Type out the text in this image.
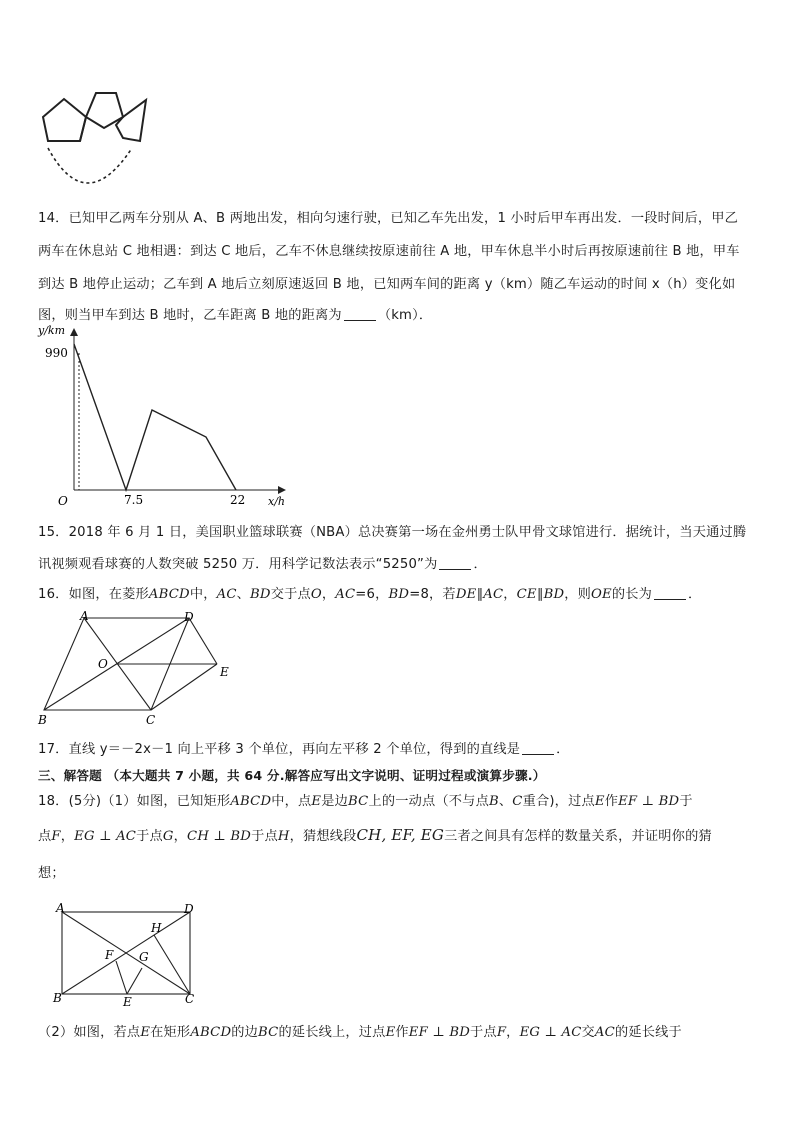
14．已知甲乙两车分别从 A、B 两地出发，相向匀速行驶，已知乙车先出发，1 小时后甲车再出发．一段时间后，甲乙
两车在休息站 C 地相遇：到达 C 地后，乙车不休息继续按原速前往 A 地，甲车休息半小时后再按原速前往 B 地，甲车
到达 B 地停止运动；乙车到 A 地后立刻原速返回 B 地，已知两车间的距离 y（km）随乙车运动的时间 x（h）变化如
图，则当甲车到达 B 地时，乙车距离 B 地的距离为	（km）．
y/km
990
O	7.5	22 x/h
15．2018 年 6 月 1 日，美国职业篮球联赛（NBA）总决赛第一场在金州勇士队甲骨文球馆进行．据统计，当天通过腾
讯视频观看球赛的人数突破 5250 万．用科学记数法表示“5250”为	．
16．如图，在菱形ABCD中，AC、BD交于点O，AC=6，BD=8，若DE∥AC，CE∥BD，则OE的长为	．
A	D
O
E
B	C
17．直线 y＝－2x－1 向上平移 3 个单位，再向左平移 2 个单位，得到的直线是	．
三、解答题 （本大题共 7 小题，共 64 分.解答应写出文字说明、证明过程或演算步骤.）
18．(5分)（1）如图，已知矩形ABCD中，点E是边BC上的一动点（不与点B、C重合)，过点E作EF ⊥ BD于
点F，EG ⊥ AC于点G，CH ⊥ BD于点H，猜想线段CH, EF, EG三者之间具有怎样的数量关系，并证明你的猜
想；
A	D
H
F G
B	E	C
（2）如图，若点E在矩形ABCD的边BC的延长线上，过点E作EF ⊥ BD于点F，EG ⊥ AC交AC的延长线于
